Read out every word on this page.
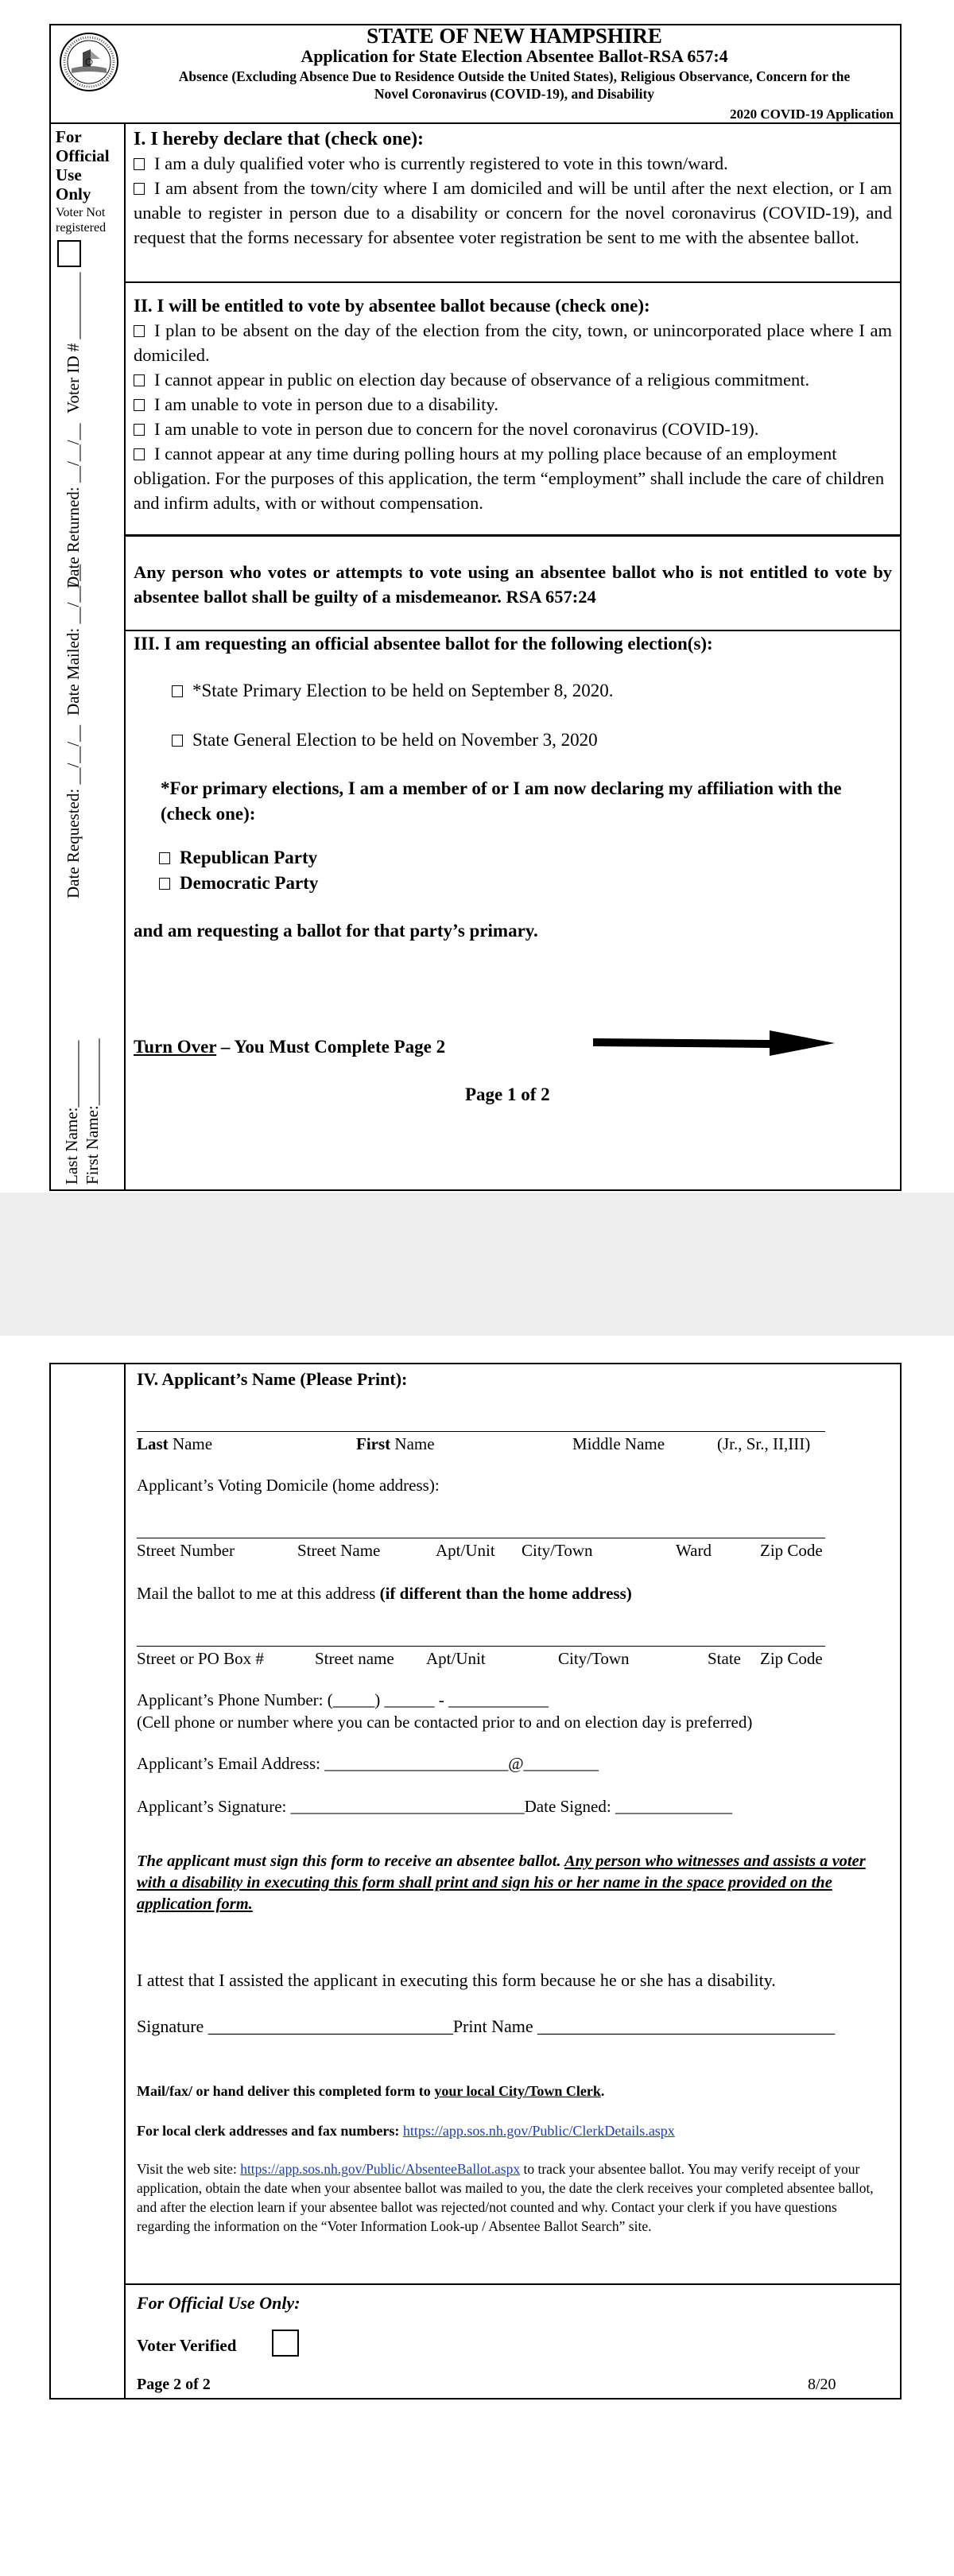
STATE OF NEW HAMPSHIRE
Application for State Election Absentee Ballot-RSA 657:4
Absence (Excluding Absence Due to Residence Outside the United States), Religious Observance, Concern for the
Novel Coronavirus (COVID-19), and Disability
2020 COVID-19 Application
For
Official
Use
Only
Voter Not
registered
Voter ID # ________
Date Returned: __/__/__
Date Mailed: __/__/__
Date Requested: __/__/__
Last Name:________ First Name:________
I. I hereby declare that (check one):
I am a duly qualified voter who is currently registered to vote in this town/ward.
I am absent from the town/city where I am domiciled and will be until after the next election, or I am unable to register in person due to a disability or concern for the novel coronavirus (COVID-19), and request that the forms necessary for absentee voter registration be sent to me with the absentee ballot.
II. I will be entitled to vote by absentee ballot because (check one):
I plan to be absent on the day of the election from the city, town, or unincorporated place where I am domiciled.
I cannot appear in public on election day because of observance of a religious commitment.
I am unable to vote in person due to a disability.
I am unable to vote in person due to concern for the novel coronavirus (COVID-19).
I cannot appear at any time during polling hours at my polling place because of an employment obligation. For the purposes of this application, the term “employment” shall include the care of children and infirm adults, with or without compensation.
Any person who votes or attempts to vote using an absentee ballot who is not entitled to vote by absentee ballot shall be guilty of a misdemeanor. RSA 657:24
III. I am requesting an official absentee ballot for the following election(s):
*State Primary Election to be held on September 8, 2020.
State General Election to be held on November 3, 2020
*For primary elections, I am a member of or I am now declaring my affiliation with the (check one):
Republican Party
Democratic Party
and am requesting a ballot for that party’s primary.
Turn Over – You Must Complete Page 2
Page 1 of 2
IV. Applicant’s Name (Please Print):
Last Name	First Name	Middle Name	(Jr., Sr., II,III)
Applicant’s Voting Domicile (home address):
Street Number	Street Name	Apt/Unit City/Town	Ward	Zip Code
Mail the ballot to me at this address (if different than the home address)
Street or PO Box #	Street name Apt/Unit	City/Town	State Zip Code
Applicant’s Phone Number: (_____) ______ - ____________
(Cell phone or number where you can be contacted prior to and on election day is preferred)
Applicant’s Email Address: ______________________@_________
Applicant’s Signature: ____________________________Date Signed: ______________
The applicant must sign this form to receive an absentee ballot. Any person who witnesses and assists a voter with a disability in executing this form shall print and sign his or her name in the space provided on the application form.
I attest that I assisted the applicant in executing this form because he or she has a disability.
Signature ____________________________Print Name __________________________________
Mail/fax/ or hand deliver this completed form to your local City/Town Clerk.
For local clerk addresses and fax numbers: https://app.sos.nh.gov/Public/ClerkDetails.aspx
Visit the web site: https://app.sos.nh.gov/Public/AbsenteeBallot.aspx to track your absentee ballot. You may verify receipt of your application, obtain the date when your absentee ballot was mailed to you, the date the clerk receives your completed absentee ballot, and after the election learn if your absentee ballot was rejected/not counted and why. Contact your clerk if you have questions regarding the information on the “Voter Information Look-up / Absentee Ballot Search” site.
For Official Use Only:
Voter Verified
Page 2 of 2	8/20
